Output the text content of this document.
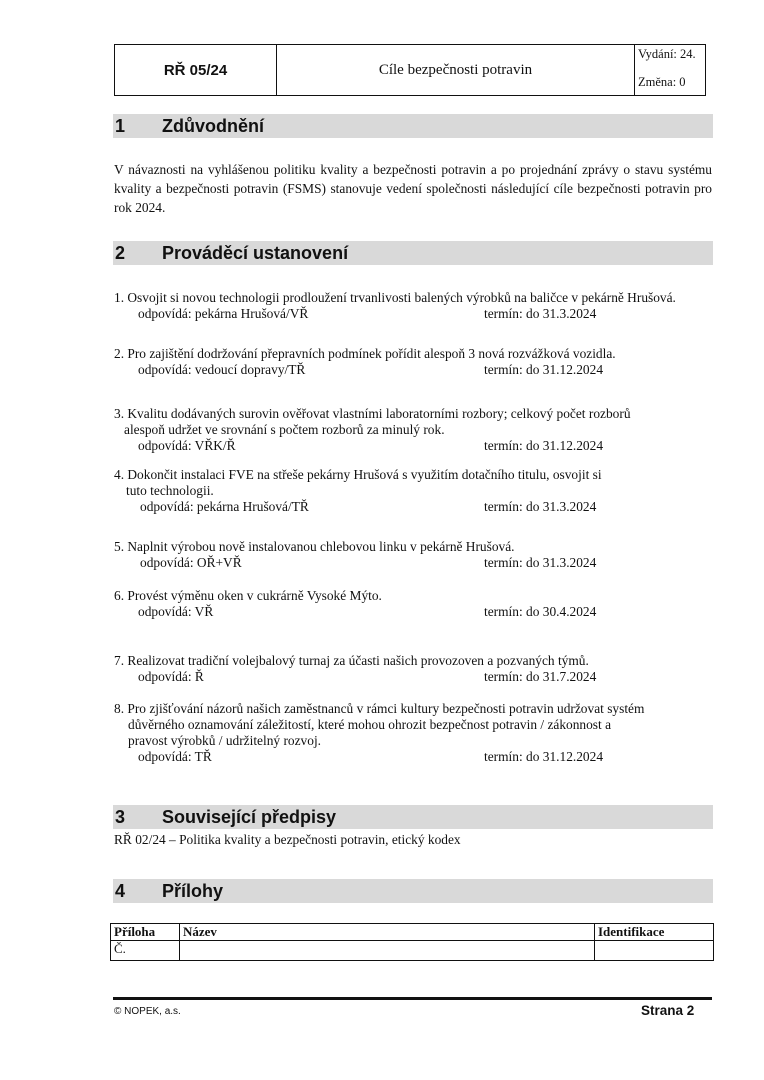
RŘ 05/24	Cíle bezpečnosti potravin
Vydání: 24.
Změna: 0
1 Zdůvodnění
V návaznosti na vyhlášenou politiku kvality a bezpečnosti potravin a po projednání zprávy o stavu systému kvality a bezpečnosti potravin (FSMS) stanovuje vedení společnosti následující cíle bezpečnosti potravin pro rok 2024.
2 Prováděcí ustanovení
1. Osvojit si novou technologii prodloužení trvanlivosti balených výrobků na baličce v pekárně Hrušová.
odpovídá: pekárna Hrušová/VŘ	termín: do 31.3.2024
2. Pro zajištění dodržování přepravních podmínek pořídit alespoň 3 nová rozvážková vozidla.
odpovídá: vedoucí dopravy/TŘ	termín: do 31.12.2024
3. Kvalitu dodávaných surovin ověřovat vlastními laboratorními rozbory; celkový počet rozborů
alespoň udržet ve srovnání s počtem rozborů za minulý rok.
odpovídá: VŘK/Ř	termín: do 31.12.2024
4. Dokončit instalaci FVE na střeše pekárny Hrušová s využitím dotačního titulu, osvojit si
tuto technologii.
odpovídá: pekárna Hrušová/TŘ	termín: do 31.3.2024
5. Naplnit výrobou nově instalovanou chlebovou linku v pekárně Hrušová.
odpovídá: OŘ+VŘ	termín: do 31.3.2024
6. Provést výměnu oken v cukrárně Vysoké Mýto.
odpovídá: VŘ	termín: do 30.4.2024
7. Realizovat tradiční volejbalový turnaj za účasti našich provozoven a pozvaných týmů.
odpovídá: Ř	termín: do 31.7.2024
8. Pro zjišťování názorů našich zaměstnanců v rámci kultury bezpečnosti potravin udržovat systém
důvěrného oznamování záležitostí, které mohou ohrozit bezpečnost potravin / zákonnost a
pravost výrobků / udržitelný rozvoj.
odpovídá: TŘ	termín: do 31.12.2024
3 Související předpisy
RŘ 02/24 – Politika kvality a bezpečnosti potravin, etický kodex
4 Přílohy
Příloha	Název	Identifikace
Č.		
© NOPEK, a.s.	Strana 2
